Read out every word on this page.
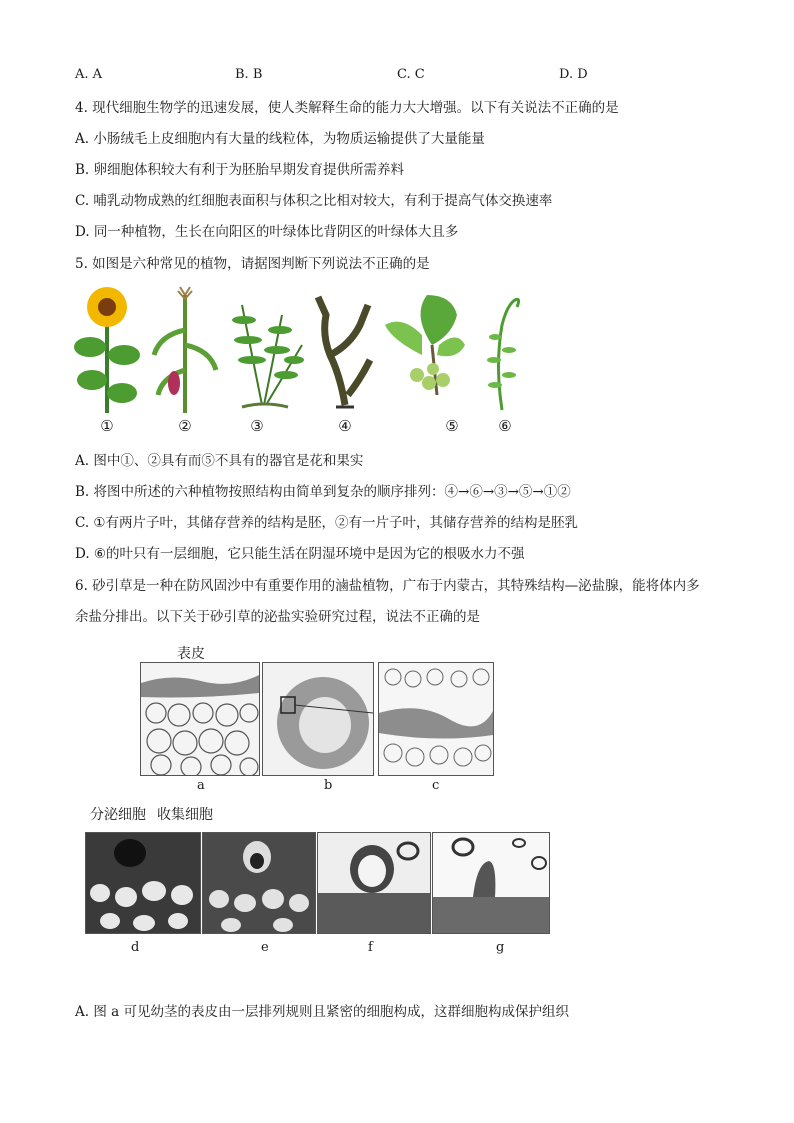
A. A	B. B	C. C	D. D
4. 现代细胞生物学的迅速发展，使人类解释生命的能力大大增强。以下有关说法不正确的是
A. 小肠绒毛上皮细胞内有大量的线粒体，为物质运输提供了大量能量
B. 卵细胞体积较大有利于为胚胎早期发育提供所需养料
C. 哺乳动物成熟的红细胞表面积与体积之比相对较大，有利于提高气体交换速率
D. 同一种植物，生长在向阳区的叶绿体比背阴区的叶绿体大且多
5. 如图是六种常见的植物，请据图判断下列说法不正确的是
①	②	③	④	⑤	⑥
A. 图中①、②具有而⑤不具有的器官是花和果实
B. 将图中所述的六种植物按照结构由简单到复杂的顺序排列：④→⑥→③→⑤→①②
C. ①有两片子叶，其储存营养的结构是胚，②有一片子叶，其储存营养的结构是胚乳
D. ⑥的叶只有一层细胞，它只能生活在阴湿环境中是因为它的根吸水力不强
6. 砂引草是一种在防风固沙中有重要作用的滷盐植物，广布于内蒙古，其特殊结构—泌盐腺，能将体内多
余盐分排出。以下关于砂引草的泌盐实验研究过程，说法不正确的是
表皮
a	b	c
分泌细胞 收集细胞
d	e	f	g
A. 图 a 可见幼茎的表皮由一层排列规则且紧密的细胞构成，这群细胞构成保护组织
